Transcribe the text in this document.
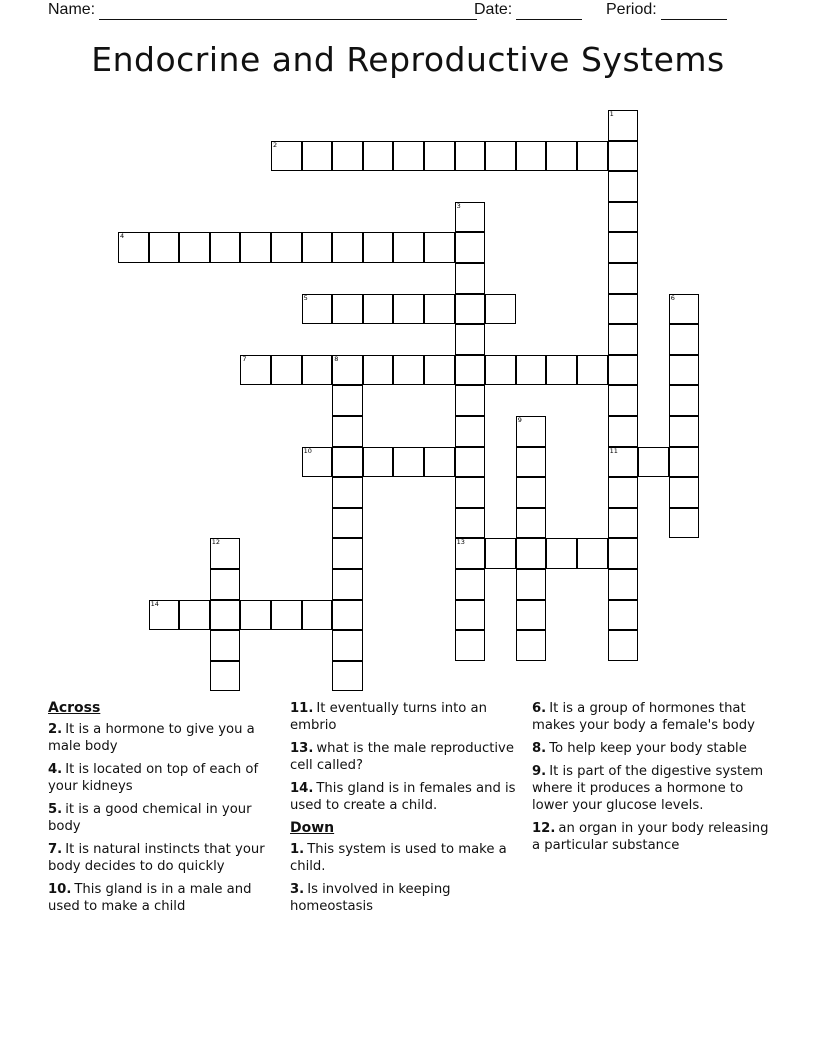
Name:	Date:	Period:
Endocrine and Reproductive Systems
1
11
2
3
13
4
5	6
7	8
9
10
12
14
Across
2. It is a hormone to give you a male body
4. It is located on top of each of your kidneys
5. it is a good chemical in your body
7. It is natural instincts that your body decides to do quickly
10. This gland is in a male and used to make a child
11. It eventually turns into an embrio
13. what is the male reproductive cell called?
14. This gland is in females and is used to create a child.
Down
1. This system is used to make a child.
3. Is involved in keeping homeostasis
6. It is a group of hormones that makes your body a female's body
8. To help keep your body stable
9. It is part of the digestive system where it produces a hormone to lower your glucose levels.
12. an organ in your body releasing a particular substance
